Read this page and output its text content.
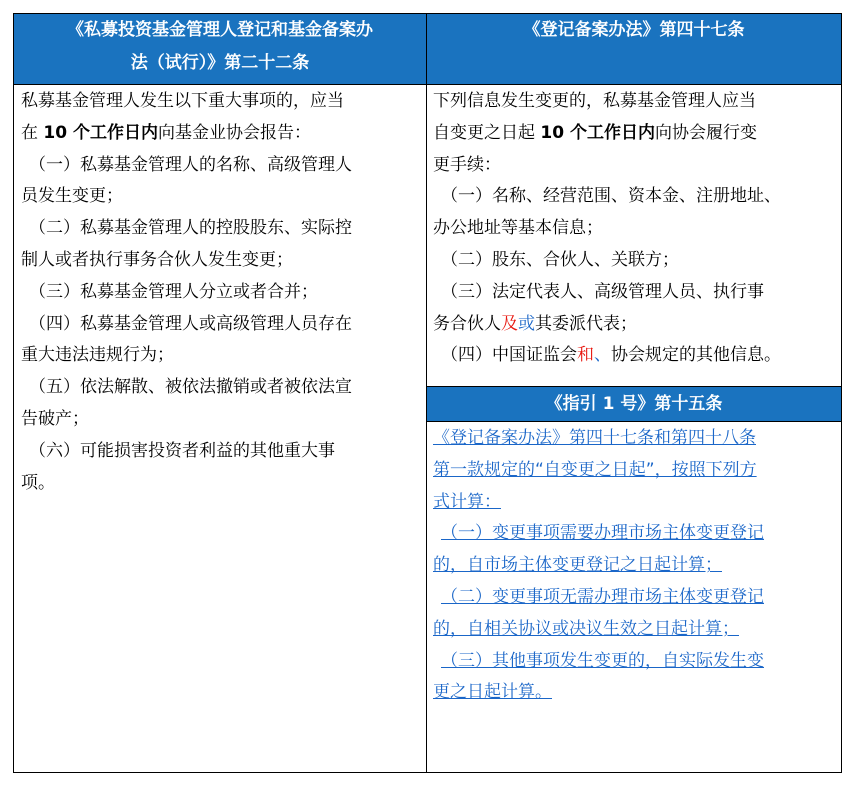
《私募投资基金管理人登记和基金备案办
法（试行）》第二十二条
私募基金管理人发生以下重大事项的，应当
在 10 个工作日内向基金业协会报告：
（一）私募基金管理人的名称、高级管理人
员发生变更；
（二）私募基金管理人的控股股东、实际控
制人或者执行事务合伙人发生变更；
（三）私募基金管理人分立或者合并；
（四）私募基金管理人或高级管理人员存在
重大违法违规行为；
（五）依法解散、被依法撤销或者被依法宣
告破产；
（六）可能损害投资者利益的其他重大事
项。
《登记备案办法》第四十七条
下列信息发生变更的，私募基金管理人应当
自变更之日起 10 个工作日内向协会履行变
更手续：
（一）名称、经营范围、资本金、注册地址、
办公地址等基本信息；
（二）股东、合伙人、关联方；
（三）法定代表人、高级管理人员、执行事
务合伙人及或其委派代表；
（四）中国证监会和、协会规定的其他信息。
《指引 1 号》第十五条
《登记备案办法》第四十七条和第四十八条
第一款规定的“自变更之日起”，按照下列方
式计算：
（一）变更事项需要办理市场主体变更登记
的，自市场主体变更登记之日起计算；
（二）变更事项无需办理市场主体变更登记
的，自相关协议或决议生效之日起计算；
（三）其他事项发生变更的，自实际发生变
更之日起计算。
